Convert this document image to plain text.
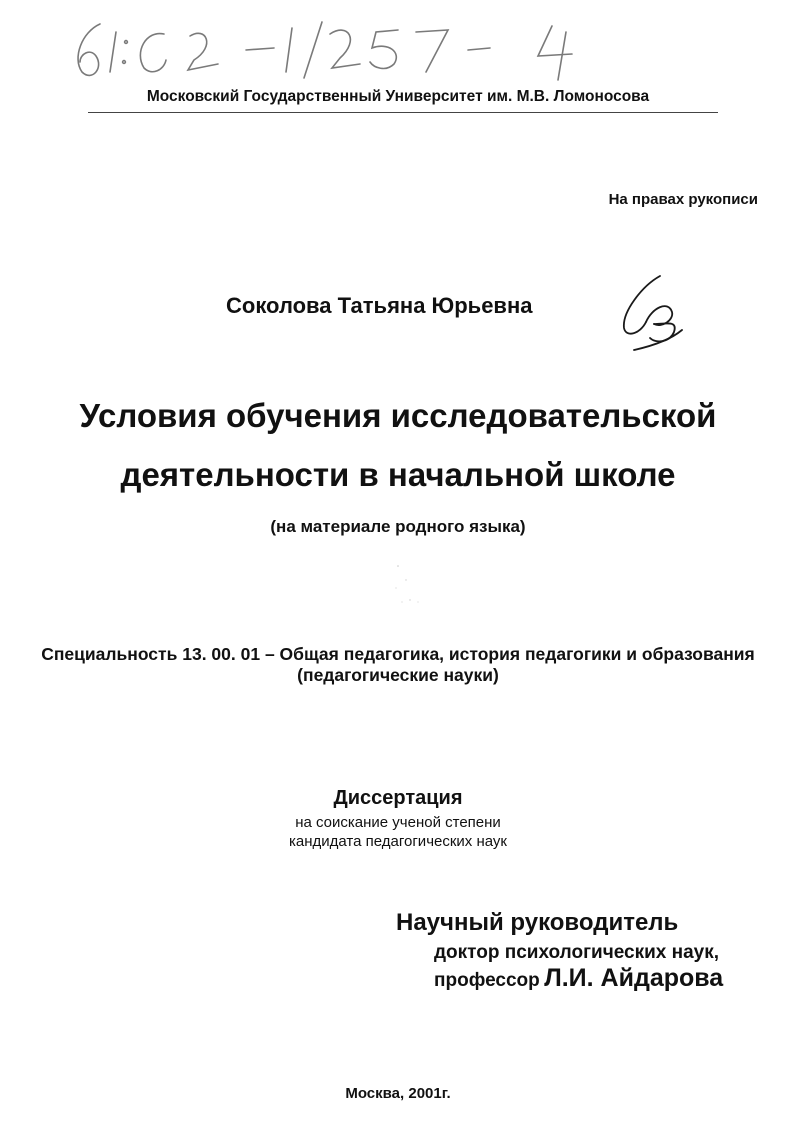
Московский Государственный Университет им. М.В. Ломоносова
На правах рукописи
Соколова Татьяна Юрьевна
Условия обучения исследовательской
деятельности в начальной школе
(на материале родного языка)
Специальность 13. 00. 01 – Общая педагогика, история педагогики и образования (педагогические науки)
Диссертация
на соискание ученой степени
кандидата педагогических наук
Научный руководитель
доктор психологических наук,
профессор Л.И. Айдарова
Москва, 2001г.
